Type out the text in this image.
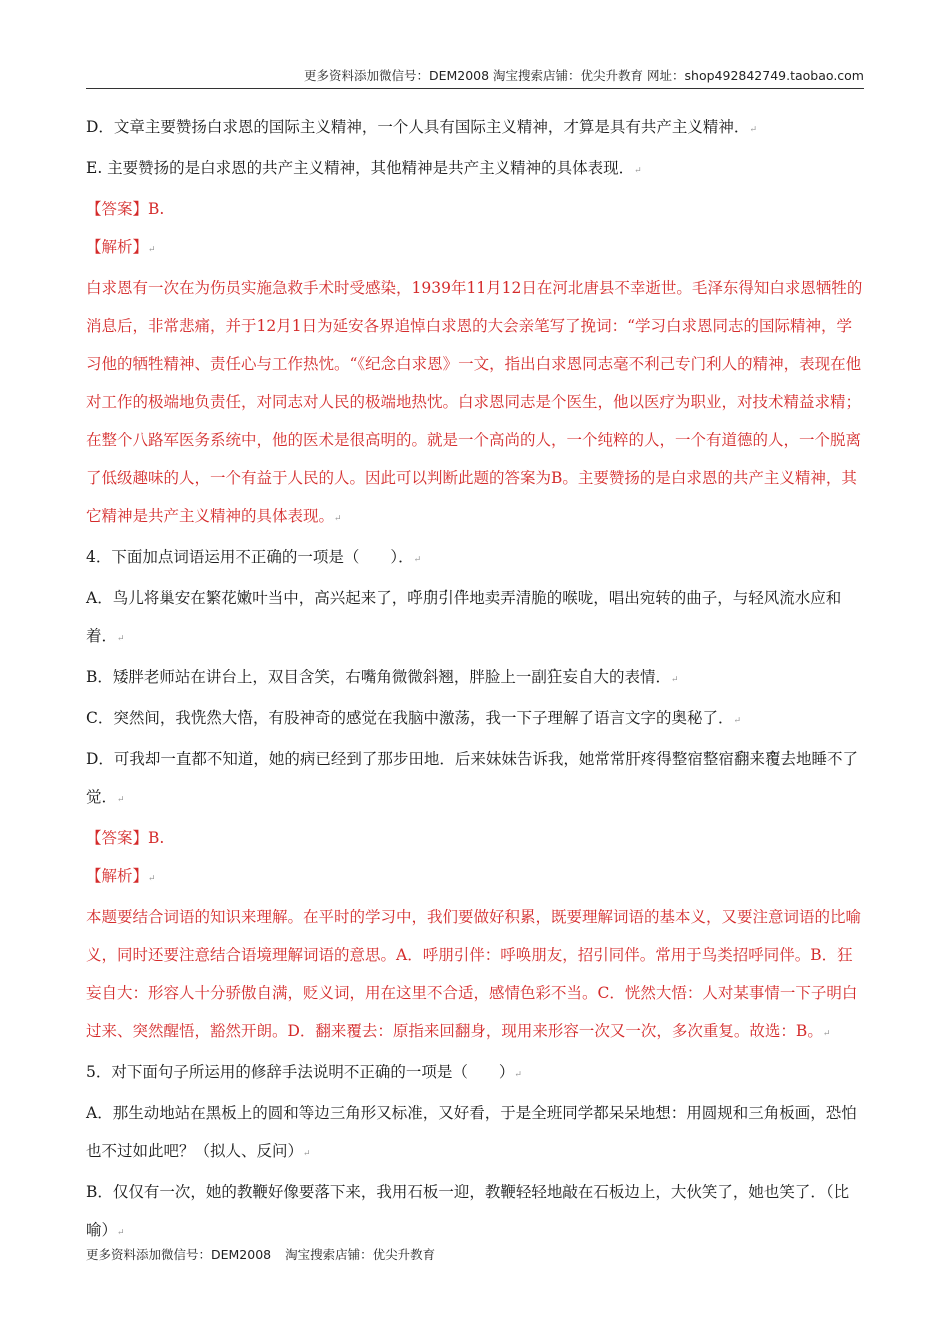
更多资料添加微信号：DEM2008 淘宝搜索店铺：优尖升教育 网址：shop492842749.taobao.com

D．文章主要赞扬白求恩的国际主义精神，一个人具有国际主义精神，才算是具有共产主义精神．↵

E. 主要赞扬的是白求恩的共产主义精神，其他精神是共产主义精神的具体表现．↵

【答案】B.

【解析】↵

白求恩有一次在为伤员实施急救手术时受感染，1939年11月12日在河北唐县不幸逝世。毛泽东得知白求恩牺牲的消息后，非常悲痛，并于12月1日为延安各界追悼白求恩的大会亲笔写了挽词：“学习白求恩同志的国际精神，学习他的牺牲精神、责任心与工作热忱。“《纪念白求恩》一文，指出白求恩同志毫不利己专门利人的精神，表现在他对工作的极端地负责任，对同志对人民的极端地热忱。白求恩同志是个医生，他以医疗为职业，对技术精益求精；在整个八路军医务系统中，他的医术是很高明的。就是一个高尚的人，一个纯粹的人，一个有道德的人，一个脱离了低级趣味的人，一个有益于人民的人。因此可以判断此题的答案为B。主要赞扬的是白求恩的共产主义精神，其它精神是共产主义精神的具体表现。↵

4．下面加点词语运用不正确的一项是（　　）．↵

A．鸟儿将巢安在繁花嫩叶当中，高兴起来了，呼朋引伴地卖弄清脆的喉咙，唱出宛转的曲子，与轻风流水应和着．↵

B．矮胖老师站在讲台上，双目含笑，右嘴角微微斜翘，胖脸上一副狂妄自大的表情．↵

C．突然间，我恍然大悟，有股神奇的感觉在我脑中激荡，我一下子理解了语言文字的奥秘了．↵

D．可我却一直都不知道，她的病已经到了那步田地．后来妹妹告诉我，她常常肝疼得整宿整宿翻来覆去地睡不了觉．↵

【答案】B.

【解析】↵

本题要结合词语的知识来理解。在平时的学习中，我们要做好积累，既要理解词语的基本义，又要注意词语的比喻义，同时还要注意结合语境理解词语的意思。A．呼朋引伴：呼唤朋友，招引同伴。常用于鸟类招呼同伴。B．狂妄自大：形容人十分骄傲自满，贬义词，用在这里不合适，感情色彩不当。C．恍然大悟：人对某事情一下子明白过来、突然醒悟，豁然开朗。D．翻来覆去：原指来回翻身，现用来形容一次又一次，多次重复。故选：B。↵

5．对下面句子所运用的修辞手法说明不正确的一项是（　　）↵

A．那生动地站在黑板上的圆和等边三角形又标准，又好看，于是全班同学都呆呆地想：用圆规和三角板画，恐怕也不过如此吧？（拟人、反问）↵

B．仅仅有一次，她的教鞭好像要落下来，我用石板一迎，教鞭轻轻地敲在石板边上，大伙笑了，她也笑了．（比喻）↵

更多资料添加微信号：DEM2008 淘宝搜索店铺：优尖升教育
